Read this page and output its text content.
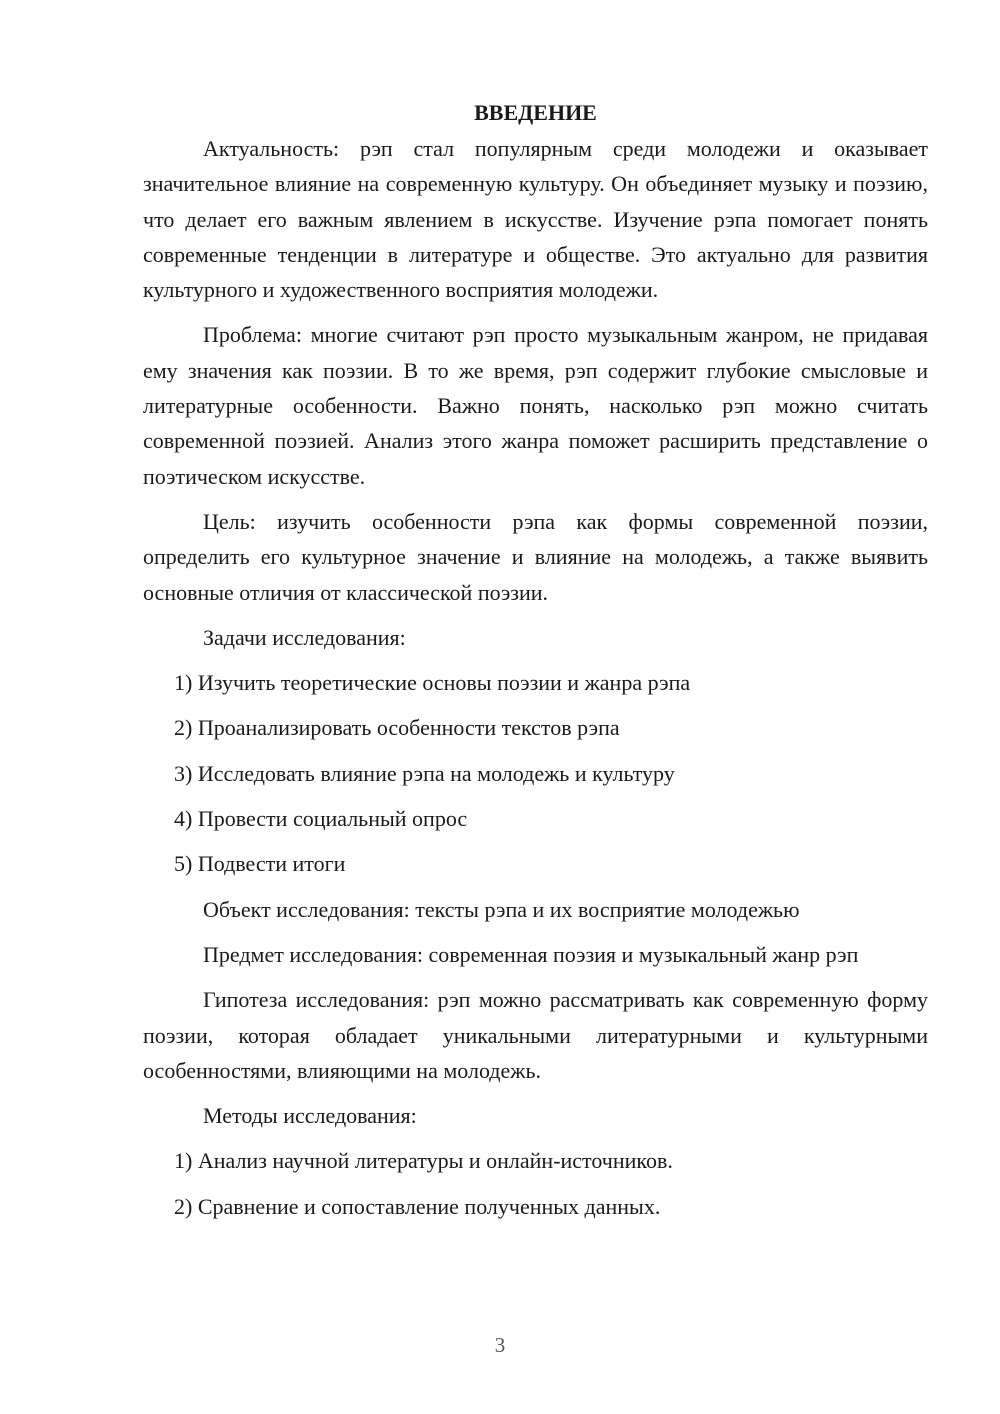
ВВЕДЕНИЕ
Актуальность: рэп стал популярным среди молодежи и оказывает значительное влияние на современную культуру. Он объединяет музыку и поэзию, что делает его важным явлением в искусстве. Изучение рэпа помогает понять современные тенденции в литературе и обществе. Это актуально для развития культурного и художественного восприятия молодежи.
Проблема: многие считают рэп просто музыкальным жанром, не придавая ему значения как поэзии. В то же время, рэп содержит глубокие смысловые и литературные особенности. Важно понять, насколько рэп можно считать современной поэзией. Анализ этого жанра поможет расширить представление о поэтическом искусстве.
Цель: изучить особенности рэпа как формы современной поэзии, определить его культурное значение и влияние на молодежь, а также выявить основные отличия от классической поэзии.
Задачи исследования:
1) Изучить теоретические основы поэзии и жанра рэпа
2) Проанализировать особенности текстов рэпа
3) Исследовать влияние рэпа на молодежь и культуру
4) Провести социальный опрос
5) Подвести итоги
Объект исследования: тексты рэпа и их восприятие молодежью
Предмет исследования: современная поэзия и музыкальный жанр рэп
Гипотеза исследования: рэп можно рассматривать как современную форму поэзии, которая обладает уникальными литературными и культурными особенностями, влияющими на молодежь.
Методы исследования:
1) Анализ научной литературы и онлайн-источников.
2) Сравнение и сопоставление полученных данных.
3
